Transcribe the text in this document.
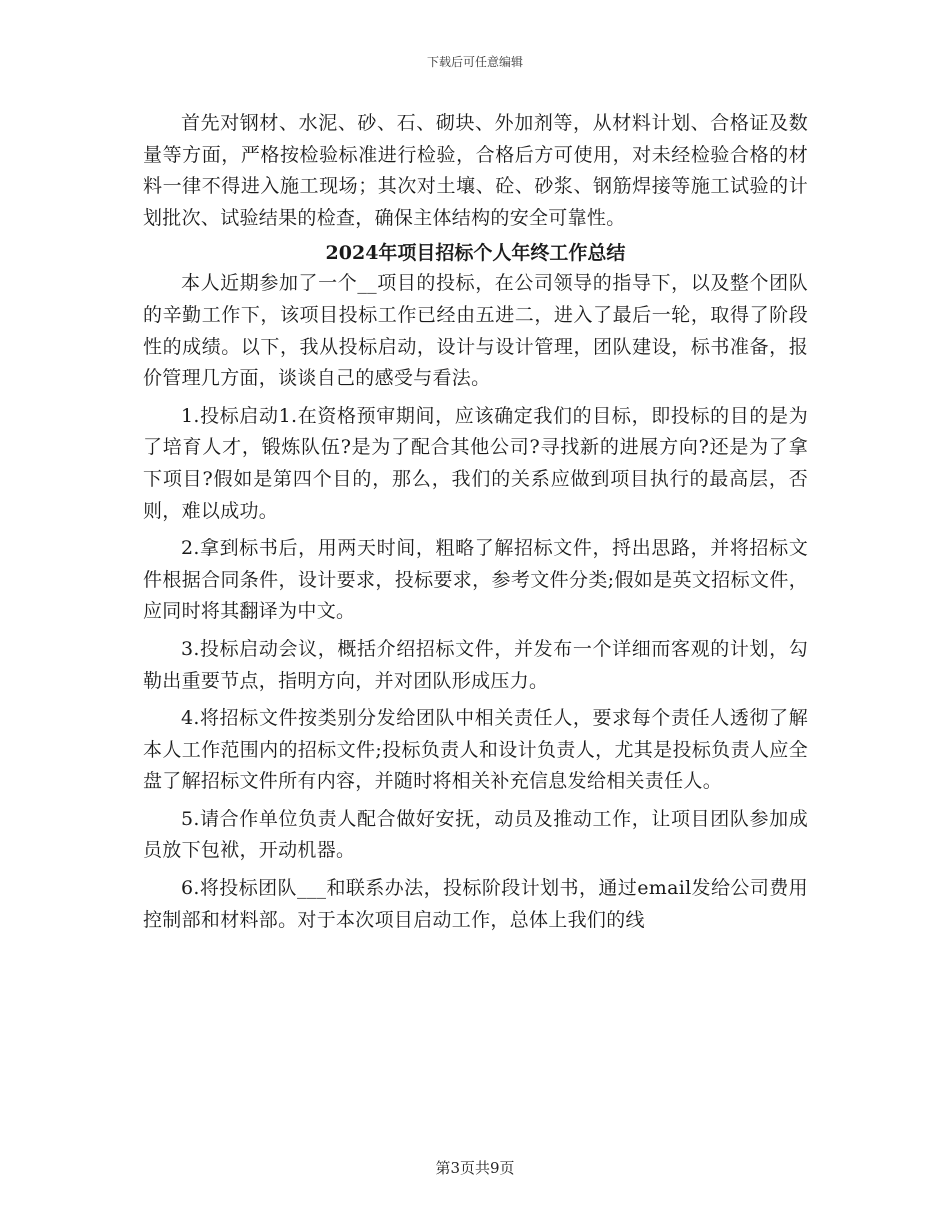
下载后可任意编辑

首先对钢材、水泥、砂、石、砌块、外加剂等，从材料计划、合格证及数量等方面，严格按检验标准进行检验，合格后方可使用，对未经检验合格的材料一律不得进入施工现场；其次对土壤、砼、砂浆、钢筋焊接等施工试验的计划批次、试验结果的检查，确保主体结构的安全可靠性。

2024年项目招标个人年终工作总结

本人近期参加了一个__项目的投标，在公司领导的指导下，以及整个团队的辛勤工作下，该项目投标工作已经由五进二，进入了最后一轮，取得了阶段性的成绩。以下，我从投标启动，设计与设计管理，团队建设，标书准备，报价管理几方面，谈谈自己的感受与看法。

1.投标启动1.在资格预审期间，应该确定我们的目标，即投标的目的是为了培育人才，锻炼队伍?是为了配合其他公司?寻找新的进展方向?还是为了拿下项目?假如是第四个目的，那么，我们的关系应做到项目执行的最高层，否则，难以成功。

2.拿到标书后，用两天时间，粗略了解招标文件，捋出思路，并将招标文件根据合同条件，设计要求，投标要求，参考文件分类;假如是英文招标文件，应同时将其翻译为中文。

3.投标启动会议，概括介绍招标文件，并发布一个详细而客观的计划，勾勒出重要节点，指明方向，并对团队形成压力。

4.将招标文件按类别分发给团队中相关责任人，要求每个责任人透彻了解本人工作范围内的招标文件;投标负责人和设计负责人，尤其是投标负责人应全盘了解招标文件所有内容，并随时将相关补充信息发给相关责任人。

5.请合作单位负责人配合做好安抚，动员及推动工作，让项目团队参加成员放下包袱，开动机器。

6.将投标团队___和联系办法，投标阶段计划书，通过email发给公司费用控制部和材料部。对于本次项目启动工作，总体上我们的线

第3页共9页
